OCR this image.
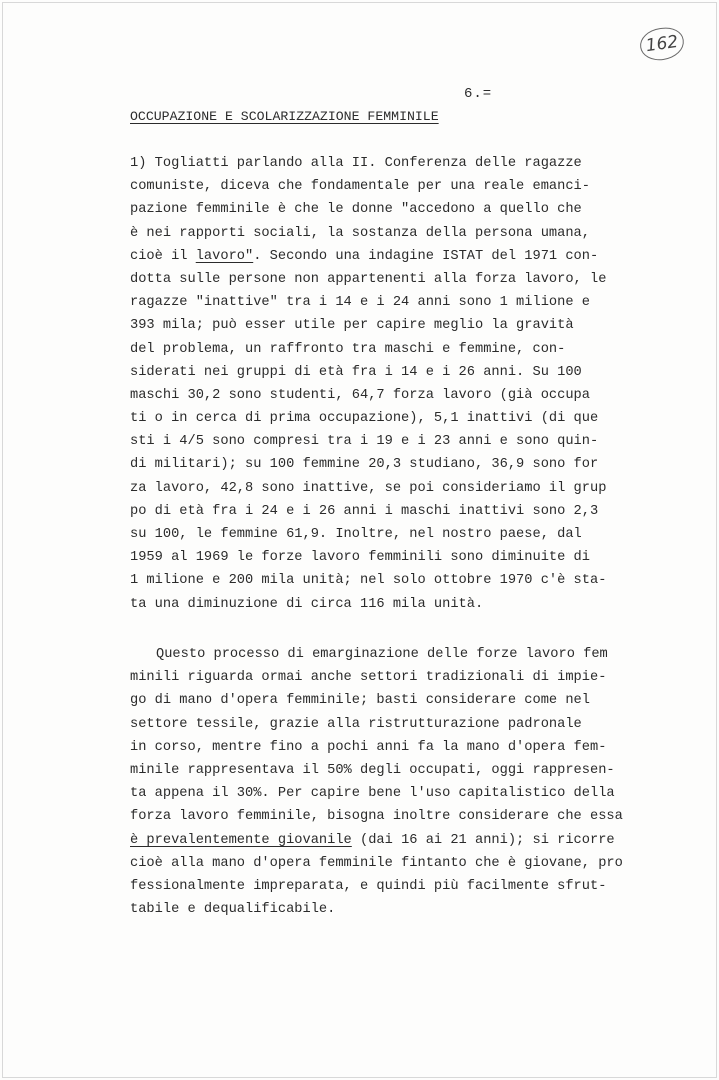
162
6.=
OCCUPAZIONE E SCOLARIZZAZIONE FEMMINILE
1) Togliatti parlando alla II. Conferenza delle ragazze
comuniste, diceva che fondamentale per una reale emanci-
pazione femminile è che le donne "accedono a quello che
è nei rapporti sociali, la sostanza della persona umana,
cioè il lavoro". Secondo una indagine ISTAT del 1971 con-
dotta sulle persone non appartenenti alla forza lavoro, le
ragazze "inattive" tra i 14 e i 24 anni sono 1 milione e
393 mila; può esser utile per capire meglio la gravità
del problema, un raffronto tra maschi e femmine, con-
siderati nei gruppi di età fra i 14 e i 26 anni. Su 100
maschi 30,2 sono studenti, 64,7 forza lavoro (già occupa
ti o in cerca di prima occupazione), 5,1 inattivi (di que
sti i 4/5 sono compresi tra i 19 e i 23 anni e sono quin-
di militari); su 100 femmine 20,3 studiano, 36,9 sono for
za lavoro, 42,8 sono inattive, se poi consideriamo il grup
po di età fra i 24 e i 26 anni i maschi inattivi sono 2,3
su 100, le femmine 61,9. Inoltre, nel nostro paese, dal
1959 al 1969 le forze lavoro femminili sono diminuite di
1 milione e 200 mila unità; nel solo ottobre 1970 c'è sta-
ta una diminuzione di circa 116 mila unità.
Questo processo di emarginazione delle forze lavoro fem
minili riguarda ormai anche settori tradizionali di impie-
go di mano d'opera femminile; basti considerare come nel
settore tessile, grazie alla ristrutturazione padronale
in corso, mentre fino a pochi anni fa la mano d'opera fem-
minile rappresentava il 50% degli occupati, oggi rappresen-
ta appena il 30%. Per capire bene l'uso capitalistico della
forza lavoro femminile, bisogna inoltre considerare che essa
è prevalentemente giovanile (dai 16 ai 21 anni); si ricorre
cioè alla mano d'opera femminile fintanto che è giovane, pro
fessionalmente impreparata, e quindi più facilmente sfrut-
tabile e dequalificabile.
